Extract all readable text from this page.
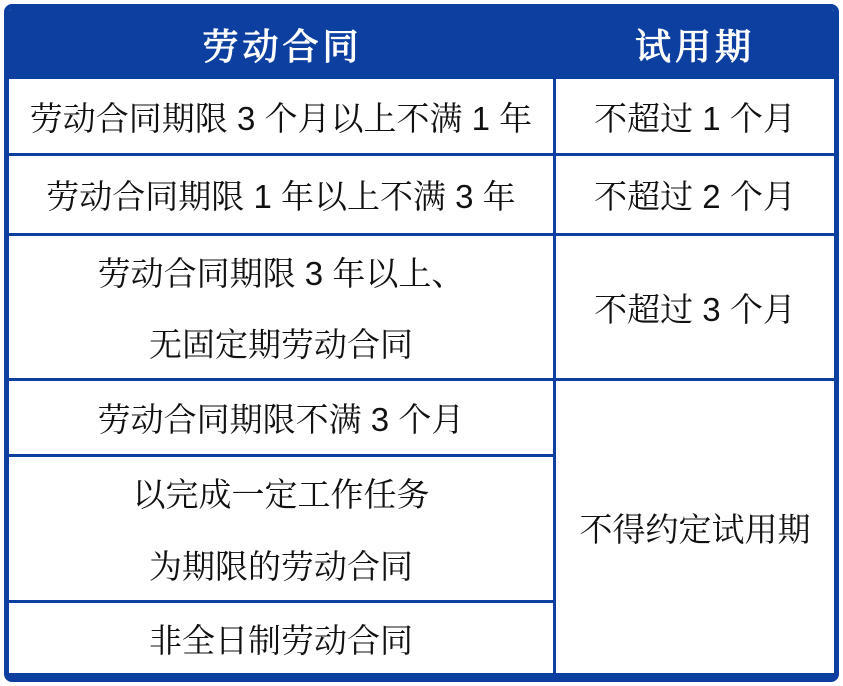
劳动合同	试用期
劳动合同期限 3 个月以上不满 1 年	不超过 1 个月
劳动合同期限 1 年以上不满 3 年	不超过 2 个月

劳动合同期限 3 年以上、
无固定期劳动合同	不超过 3 个月
劳动合同期限不满 3 个月	不得约定试用期

以完成一定工作任务
为期限的劳动合同	

非全日制劳动合同	
